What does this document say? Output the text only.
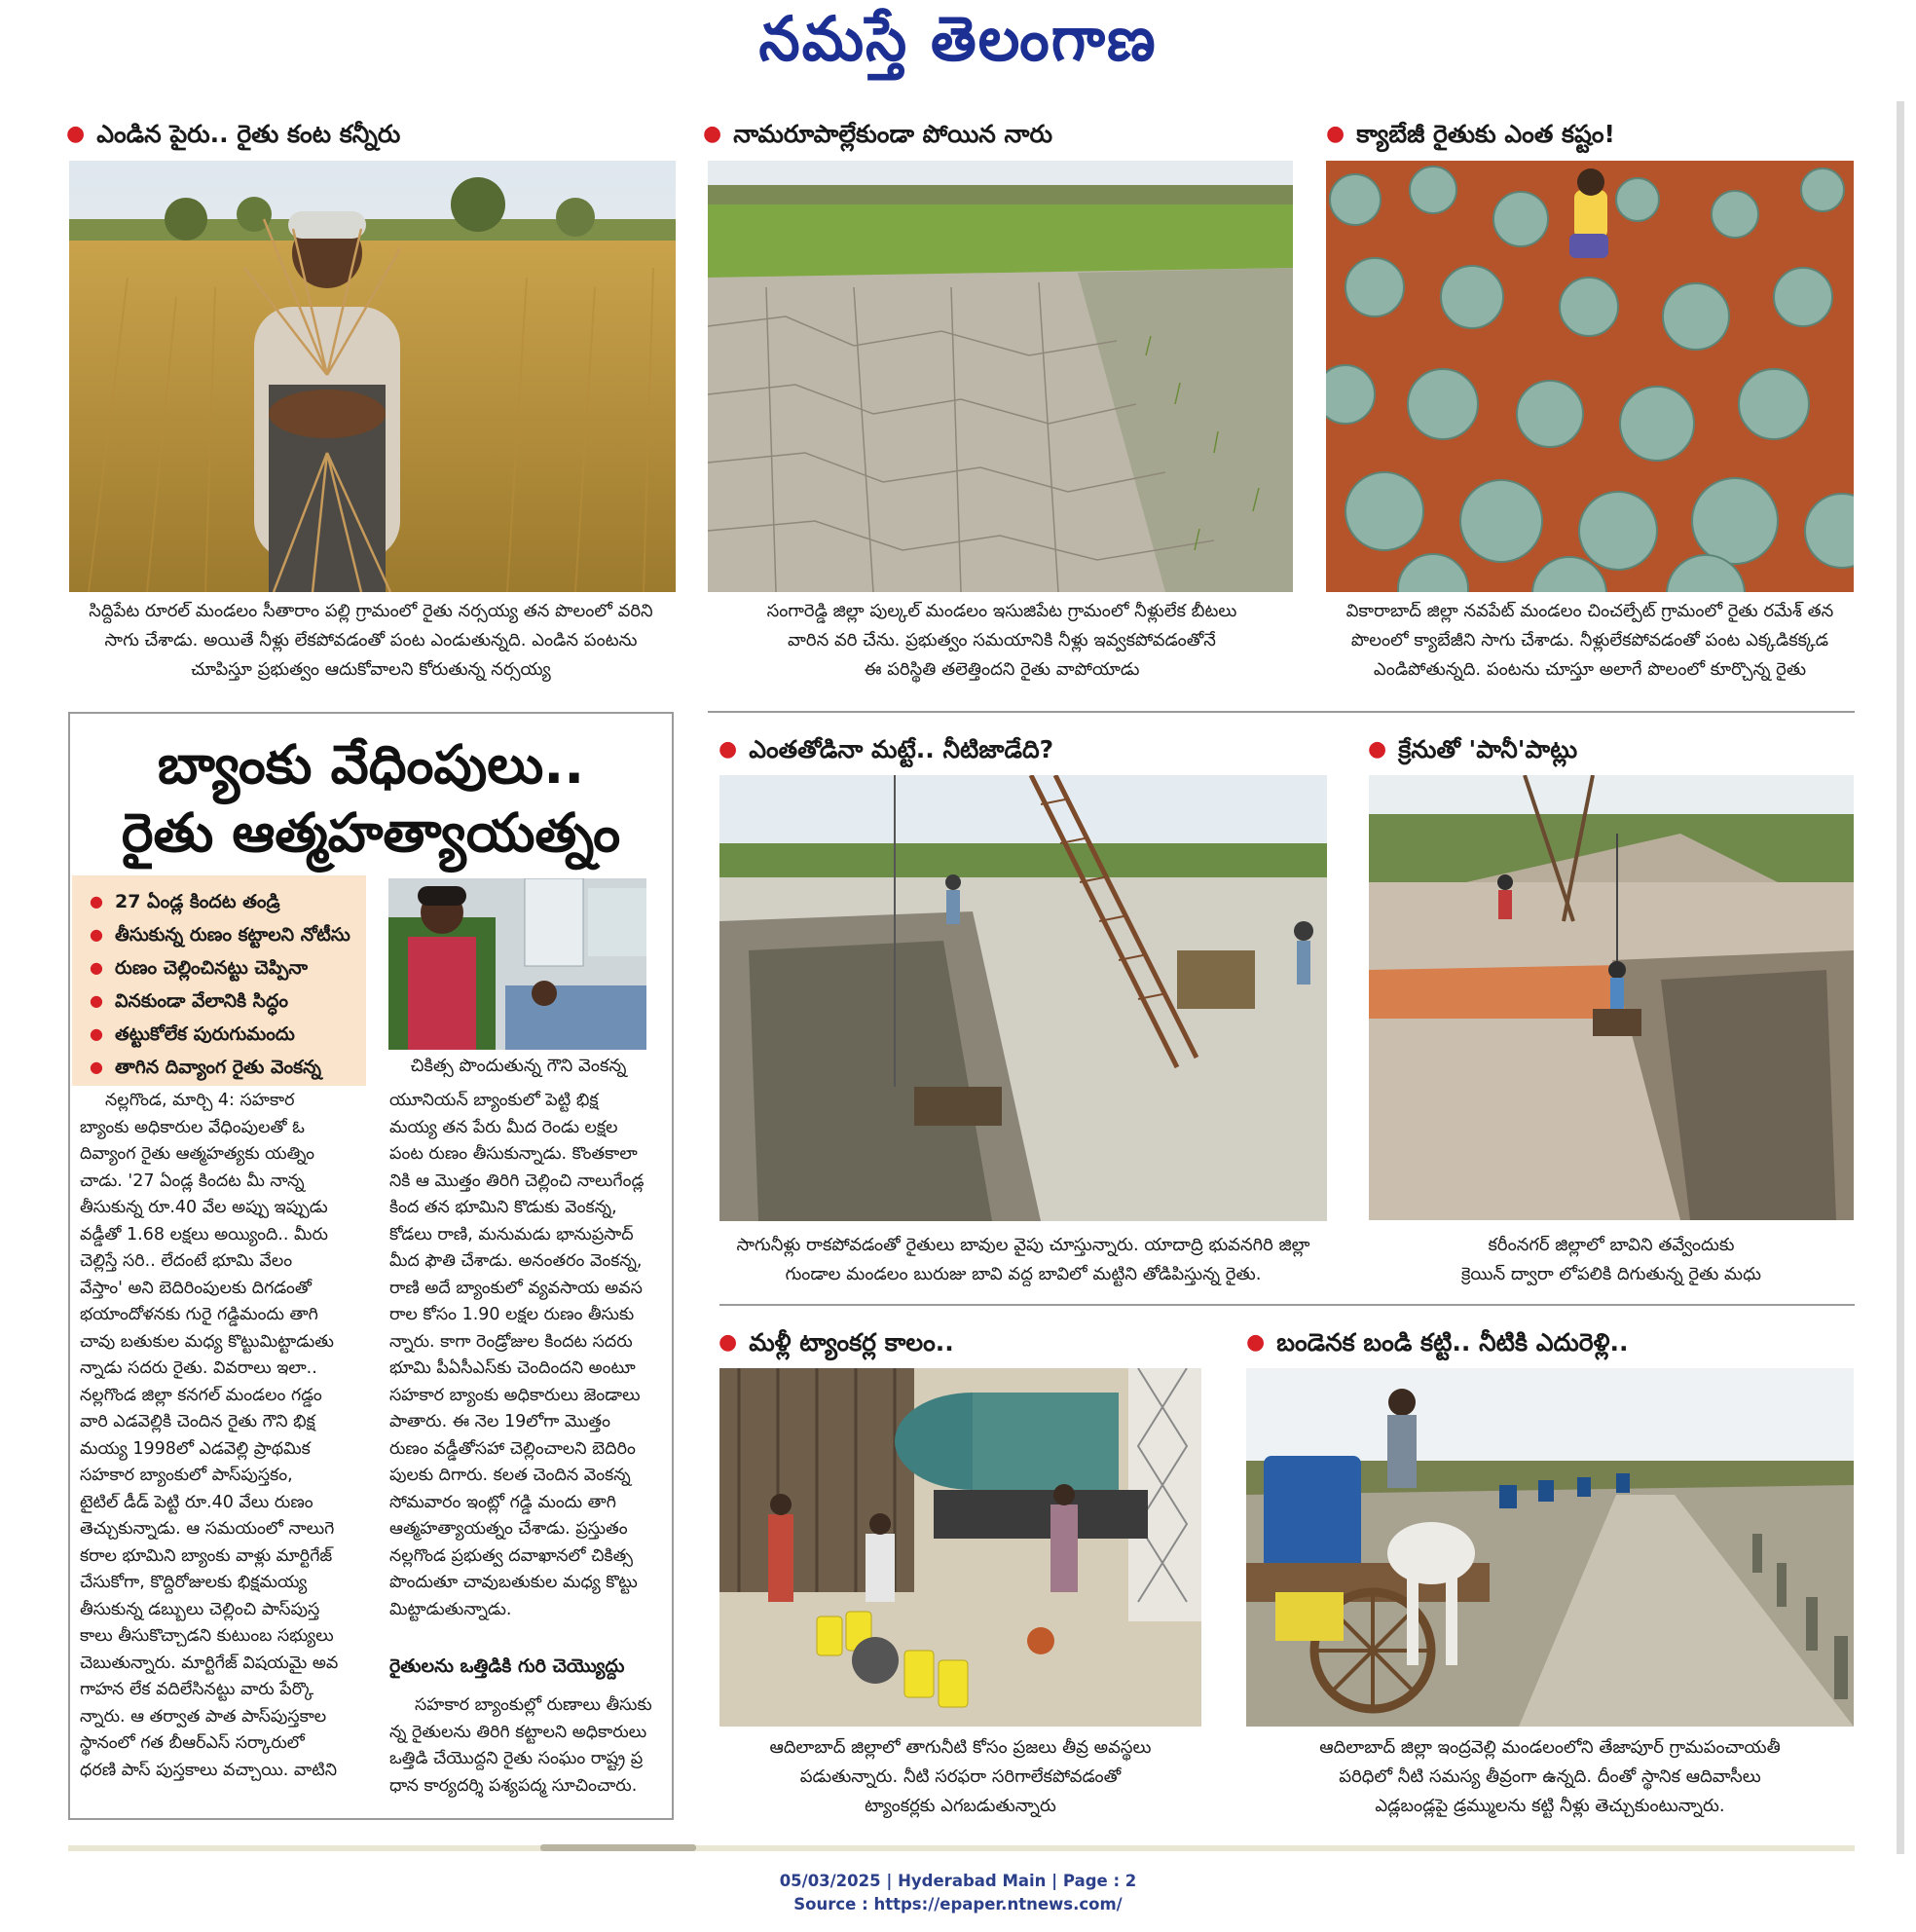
నమస్తే తెలంగాణ
● ఎండిన పైరు.. రైతు కంట కన్నీరు	● నామరూపాల్లేకుండా పోయిన నారు	● క్యాబేజీ రైతుకు ఎంత కష్టం!
సిద్దిపేట రూరల్ మండలం సీతారాం పల్లి గ్రామంలో రైతు నర్సయ్య తన పొలంలో వరిని
సాగు చేశాడు. అయితే నీళ్లు లేకపోవడంతో పంట ఎండుతున్నది. ఎండిన పంటను
చూపిస్తూ ప్రభుత్వం ఆదుకోవాలని కోరుతున్న నర్సయ్య
సంగారెడ్డి జిల్లా పుల్కల్ మండలం ఇసుజిపేట గ్రామంలో నీళ్లులేక బీటలు
వారిన వరి చేను. ప్రభుత్వం సమయానికి నీళ్లు ఇవ్వకపోవడంతోనే
ఈ పరిస్థితి తలెత్తిందని రైతు వాపోయాడు
వికారాబాద్ జిల్లా నవపేట్ మండలం చించల్పేట్ గ్రామంలో రైతు రమేశ్ తన
పొలంలో క్యాబేజీని సాగు చేశాడు. నీళ్లులేకపోవడంతో పంట ఎక్కడికక్కడ
ఎండిపోతున్నది. పంటను చూస్తూ అలాగే పొలంలో కూర్చొన్న రైతు
బ్యాంకు వేధింపులు..
రైతు ఆత్మహత్యాయత్నం
● 27 ఏండ్ల కిందట తండ్రి
● తీసుకున్న రుణం కట్టాలని నోటీసు
● రుణం చెల్లించినట్టు చెప్పినా
● వినకుండా వేలానికి సిద్ధం
● తట్టుకోలేక పురుగుమందు
● తాగిన దివ్యాంగ రైతు వెంకన్న	చికిత్స పొందుతున్న గౌని వెంకన్న
నల్లగొండ, మార్చి 4: సహకార
బ్యాంకు అధికారుల వేధింపులతో ఓ
దివ్యాంగ రైతు ఆత్మహత్యకు యత్నిం
చాడు. '27 ఏండ్ల కిందట మీ నాన్న
తీసుకున్న రూ.40 వేల అప్పు ఇప్పుడు
వడ్డీతో 1.68 లక్షలు అయ్యింది.. మీరు
చెల్లిస్తే సరి.. లేదంటే భూమి వేలం
వేస్తాం' అని బెదిరింపులకు దిగడంతో
భయాందోళనకు గురై గడ్డిమందు తాగి
చావు బతుకుల మధ్య కొట్టుమిట్టాడుతు
న్నాడు సదరు రైతు. వివరాలు ఇలా..
నల్లగొండ జిల్లా కనగల్ మండలం గడ్డం
వారి ఎడవెల్లికి చెందిన రైతు గౌని భిక్ష
మయ్య 1998లో ఎడవెల్లి ప్రాథమిక
సహకార బ్యాంకులో పాస్‌పుస్తకం,
టైటిల్ డీడ్ పెట్టి రూ.40 వేలు రుణం
తెచ్చుకున్నాడు. ఆ సమయంలో నాలుగె
కరాల భూమిని బ్యాంకు వాళ్లు మార్టిగేజ్
చేసుకోగా, కొద్దిరోజులకు భిక్షమయ్య
తీసుకున్న డబ్బులు చెల్లించి పాస్‌పుస్త
కాలు తీసుకొచ్చాడని కుటుంబ సభ్యులు
చెబుతున్నారు. మార్టిగేజ్ విషయమై అవ
గాహన లేక వదిలేసినట్టు వారు పేర్కొ
న్నారు. ఆ తర్వాత పాత పాస్‌పుస్తకాల
స్థానంలో గత బీఆర్ఎస్ సర్కారులో
ధరణి పాస్ పుస్తకాలు వచ్చాయి. వాటిని
యూనియన్ బ్యాంకులో పెట్టి భిక్ష
మయ్య తన పేరు మీద రెండు లక్షల
పంట రుణం తీసుకున్నాడు. కొంతకాలా
నికి ఆ మొత్తం తిరిగి చెల్లించి నాలుగేండ్ల
కింద తన భూమిని కొడుకు వెంకన్న,
కోడలు రాణి, మనుమడు భానుప్రసాద్
మీద ఫౌతి చేశాడు. అనంతరం వెంకన్న,
రాణి అదే బ్యాంకులో వ్యవసాయ అవస
రాల కోసం 1.90 లక్షల రుణం తీసుకు
న్నారు. కాగా రెండ్రోజుల కిందట సదరు
భూమి పీఏసీఎస్‌కు చెందిందని అంటూ
సహకార బ్యాంకు అధికారులు జెండాలు
పాతారు. ఈ నెల 19లోగా మొత్తం
రుణం వడ్డీతోసహా చెల్లించాలని బెదిరిం
పులకు దిగారు. కలత చెందిన వెంకన్న
సోమవారం ఇంట్లో గడ్డి మందు తాగి
ఆత్మహత్యాయత్నం చేశాడు. ప్రస్తుతం
నల్లగొండ ప్రభుత్వ దవాఖానలో చికిత్స
పొందుతూ చావుబతుకుల మధ్య కొట్టు
మిట్టాడుతున్నాడు.
రైతులను ఒత్తిడికి గురి చెయ్యొద్దు
సహకార బ్యాంకుల్లో రుణాలు తీసుకు
న్న రైతులను తిరిగి కట్టాలని అధికారులు
ఒత్తిడి చేయొద్దని రైతు సంఘం రాష్ట్ర ప్ర
ధాన కార్యదర్శి పశ్యపద్మ సూచించారు.
● ఎంతతోడినా మట్టే.. నీటిజాడేది?	● క్రేనుతో 'పానీ'పాట్లు
సాగునీళ్లు రాకపోవడంతో రైతులు బావుల వైపు చూస్తున్నారు. యాదాద్రి భువనగిరి జిల్లా
గుండాల మండలం బురుజు బావి వద్ద బావిలో మట్టిని తోడిపిస్తున్న రైతు.
కరీంనగర్ జిల్లాలో బావిని తవ్వేందుకు
క్రెయిన్ ద్వారా లోపలికి దిగుతున్న రైతు మధు
● మళ్లీ ట్యాంకర్ల కాలం..	● బండెనక బండి కట్టి.. నీటికి ఎదురెళ్లి..
ఆదిలాబాద్ జిల్లాలో తాగునీటి కోసం ప్రజలు తీవ్ర అవస్థలు
పడుతున్నారు. నీటి సరఫరా సరిగాలేకపోవడంతో
ట్యాంకర్లకు ఎగబడుతున్నారు
ఆదిలాబాద్ జిల్లా ఇంద్రవెల్లి మండలంలోని తేజాపూర్ గ్రామపంచాయతీ
పరిధిలో నీటి సమస్య తీవ్రంగా ఉన్నది. దీంతో స్థానిక ఆదివాసీలు
ఎడ్లబండ్లపై డ్రమ్ములను కట్టి నీళ్లు తెచ్చుకుంటున్నారు.
05/03/2025 | Hyderabad Main | Page : 2
Source : https://epaper.ntnews.com/
